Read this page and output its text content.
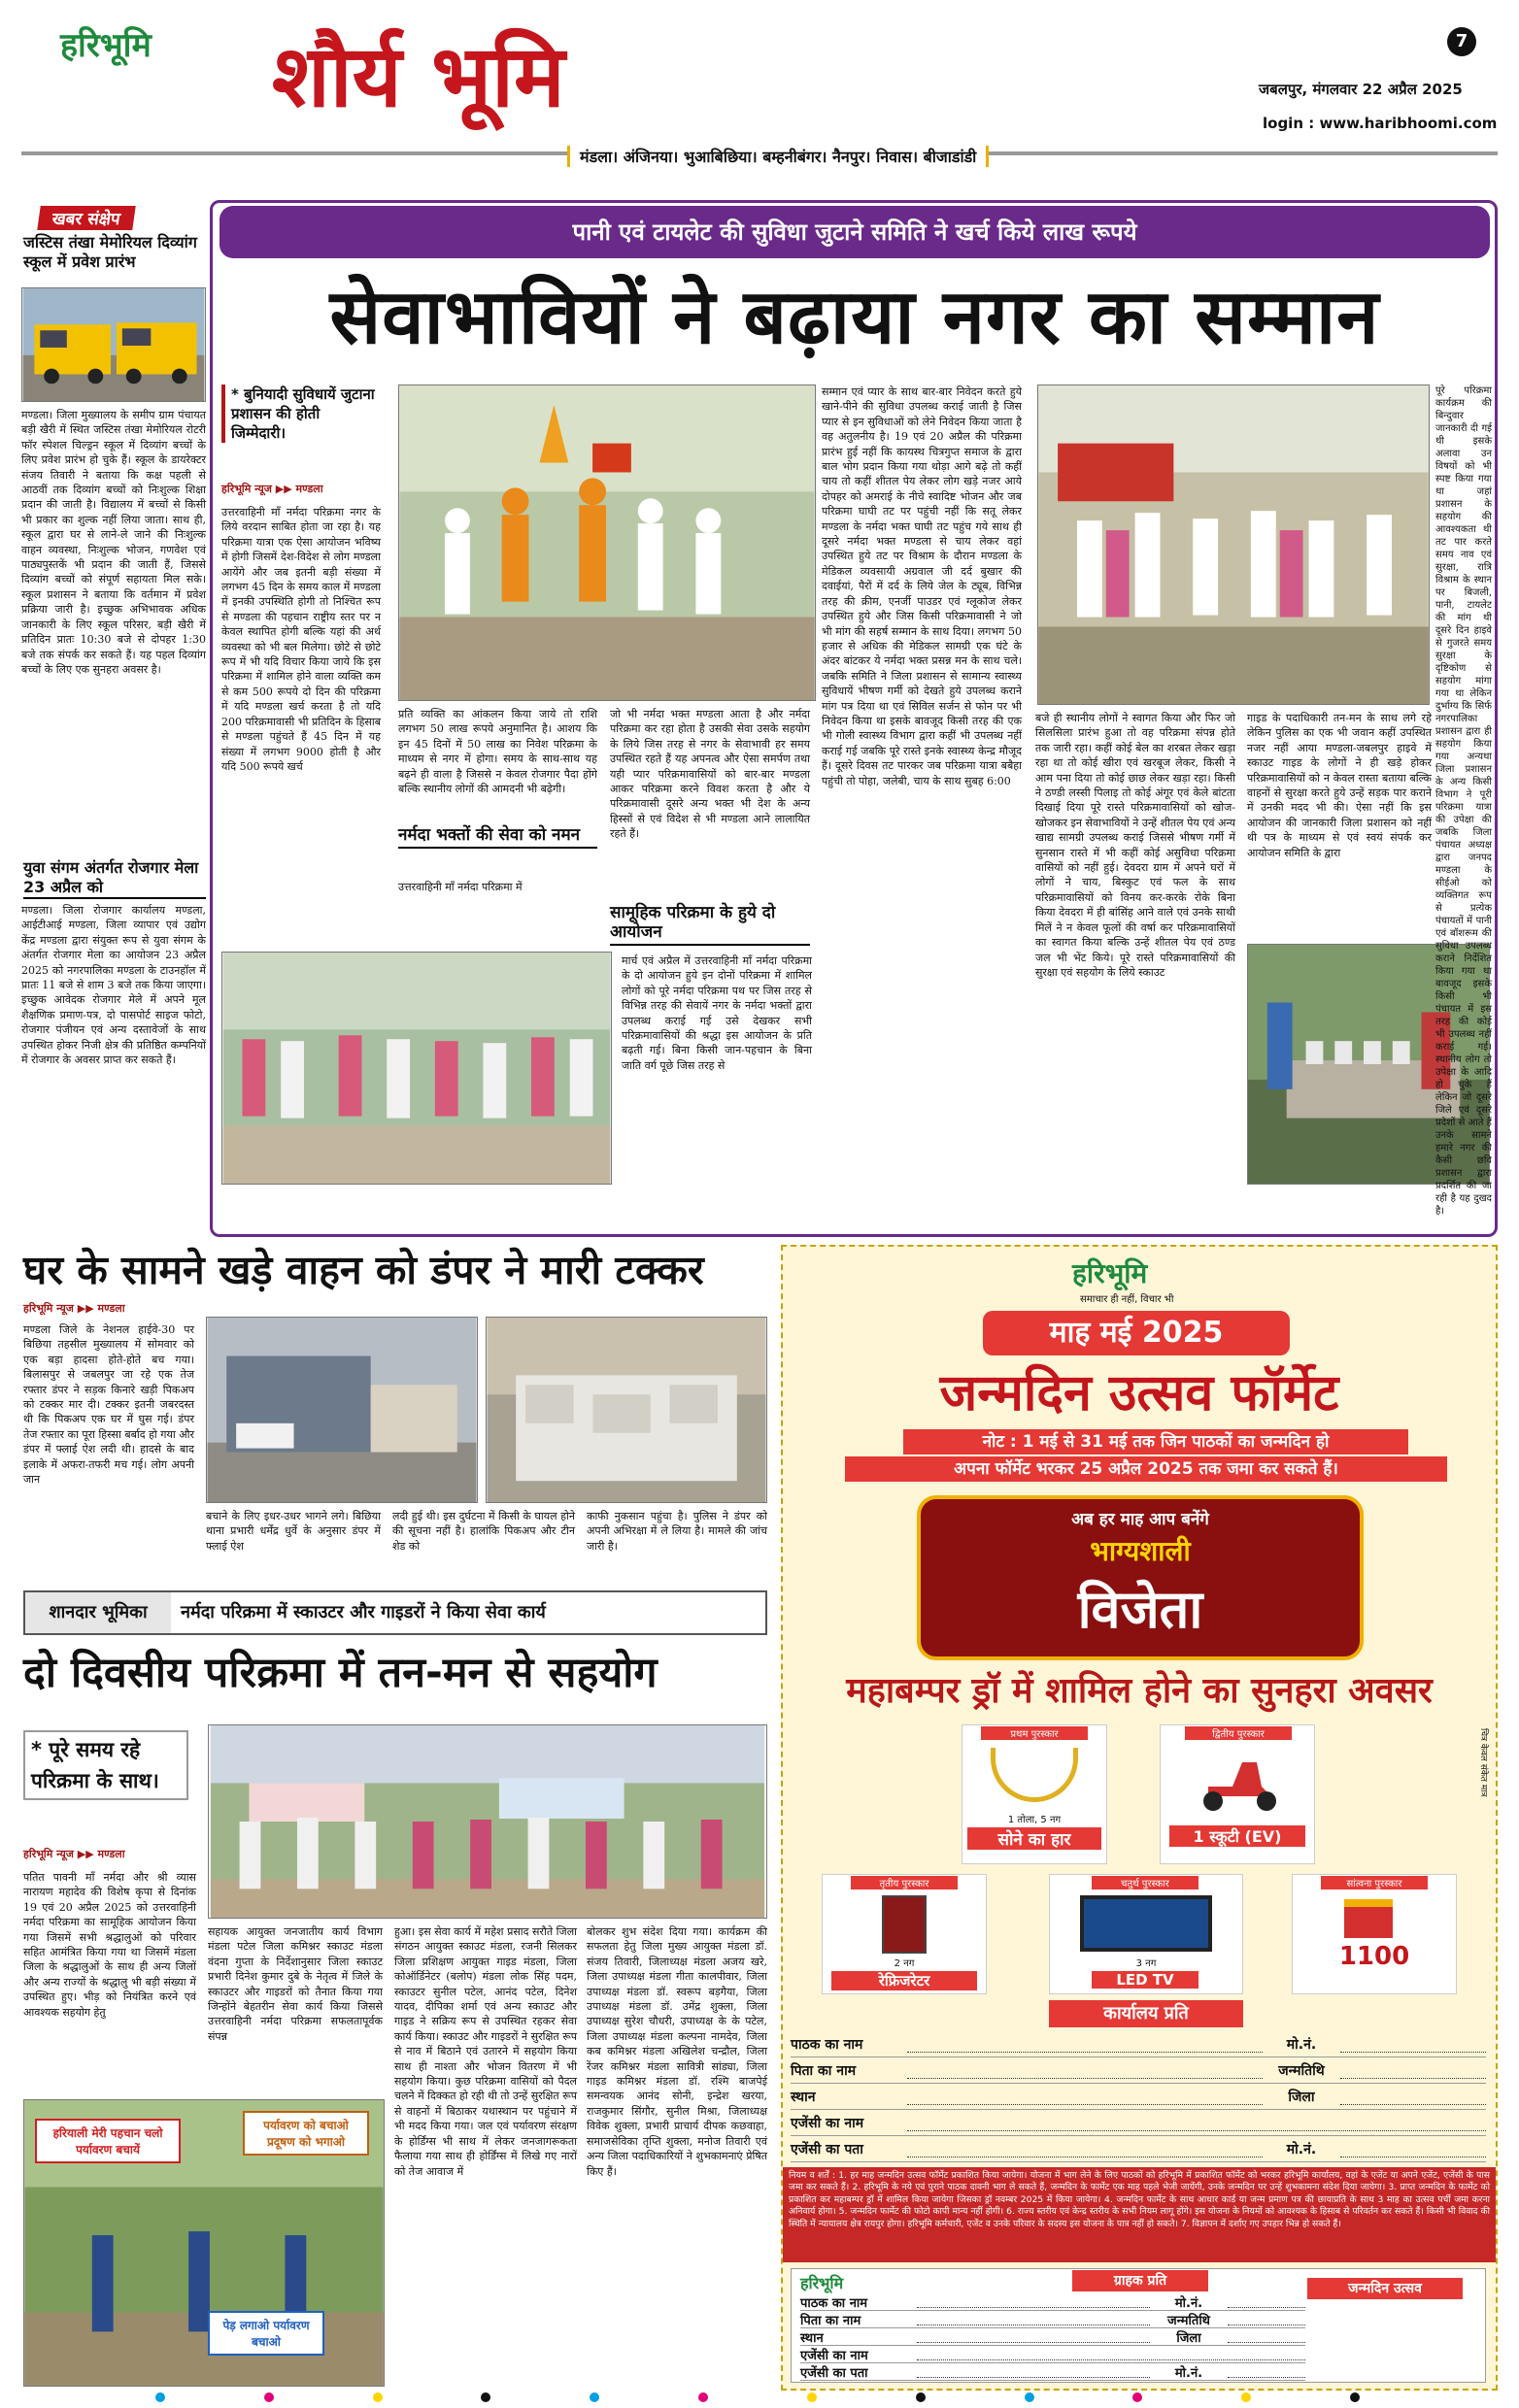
हरिभूमि शौर्य भूमि	7
जबलपुर, मंगलवार 22 अप्रैल 2025
login : www.haribhoomi.com
मंडला। अंजिनया। भुआबिछिया। बम्हनीबंगर। नैनपुर। निवास। बीजाडांडी
खबर संक्षेप
जस्टिस तंखा मेमोरियल दिव्यांग स्कूल में प्रवेश प्रारंभ
मण्डला। जिला मुख्यालय के समीप ग्राम पंचायत बड़ी खैरी में स्थित जस्टिस तंखा मेमोरियल रोटरी फॉर स्पेशल चिल्ड्रन स्कूल में दिव्यांग बच्चों के लिए प्रवेश प्रारंभ हो चुके हैं। स्कूल के डायरेक्टर संजय तिवारी ने बताया कि कक्ष पहली से आठवीं तक दिव्यांग बच्चों को निःशुल्क शिक्षा प्रदान की जाती है। विद्यालय में बच्चों से किसी भी प्रकार का शुल्क नहीं लिया जाता। साथ ही, स्कूल द्वारा घर से लाने-ले जाने की निःशुल्क वाहन व्यवस्था, निःशुल्क भोजन, गणवेश एवं पाठ्यपुस्तकें भी प्रदान की जाती हैं, जिससे दिव्यांग बच्चों को संपूर्ण सहायता मिल सके। स्कूल प्रशासन ने बताया कि वर्तमान में प्रवेश प्रक्रिया जारी है। इच्छुक अभिभावक अधिक जानकारी के लिए स्कूल परिसर, बड़ी खैरी में प्रतिदिन प्रातः 10:30 बजे से दोपहर 1:30 बजे तक संपर्क कर सकते हैं। यह पहल दिव्यांग बच्चों के लिए एक सुनहरा अवसर है।
युवा संगम अंतर्गत रोजगार मेला 23 अप्रैल को
मण्डला। जिला रोजगार कार्यालय मण्डला, आईटीआई मण्डला, जिला व्यापार एवं उद्योग केंद्र मण्डला द्वारा संयुक्त रूप से युवा संगम के अंतर्गत रोजगार मेला का आयोजन 23 अप्रैल 2025 को नगरपालिका मण्डला के टाउनहॉल में प्रातः 11 बजे से शाम 3 बजे तक किया जाएगा। इच्छुक आवेदक रोजगार मेले में अपने मूल शैक्षणिक प्रमाण-पत्र, दो पासपोर्ट साइज फोटो, रोजगार पंजीयन एवं अन्य दस्तावेजों के साथ उपस्थित होकर निजी क्षेत्र की प्रतिष्ठित कम्पनियों में रोजगार के अवसर प्राप्त कर सकते हैं।
पानी एवं टायलेट की सुविधा जुटाने समिति ने खर्च किये लाख रूपये
सेवाभावियों ने बढ़ाया नगर का सम्मान
* बुनियादी सुविधायें जुटाना प्रशासन की होती जिम्मेदारी।
हरिभूमि न्यूज ▶▶ मण्डला
उत्तरवाहिनी माँ नर्मदा परिक्रमा नगर के लिये वरदान साबित होता जा रहा है। यह परिक्रमा यात्रा एक ऐसा आयोजन भविष्य में होगी जिसमें देश-विदेश से लोग मण्डला आयेंगे और जब इतनी बड़ी संख्या में लगभग 45 दिन के समय काल में मण्डला में इनकी उपस्थिति होगी तो निश्चित रूप से मण्डला की पहचान राष्ट्रीय स्तर पर न केवल स्थापित होगी बल्कि यहां की अर्थ व्यवस्था को भी बल मिलेगा। छोटे से छोटे रूप में भी यदि विचार किया जाये कि इस परिक्रमा में शामिल होने वाला व्यक्ति कम से कम 500 रूपये दो दिन की परिक्रमा में यदि मण्डला खर्च करता है तो यदि 200 परिक्रमावासी भी प्रतिदिन के हिसाब से मण्डला पहुंचते हैं 45 दिन में यह संख्या में लगभग 9000 होती है और यदि 500 रूपये खर्च
प्रति व्यक्ति का आंकलन किया जाये तो राशि लगभग 50 लाख रूपये अनुमानित है। आशय कि इन 45 दिनों में 50 लाख का निवेश परिक्रमा के माध्यम से नगर में होगा। समय के साथ-साथ यह बढ़ने ही वाला है जिससे न केवल रोजगार पैदा होंगे बल्कि स्थानीय लोगों की आमदनी भी बढ़ेगी।
नर्मदा भक्तों की सेवा को नमन
उत्तरवाहिनी माँ नर्मदा परिक्रमा में
जो भी नर्मदा भक्त मण्डला आता है और नर्मदा परिक्रमा कर रहा होता है उसकी सेवा उसके सहयोग के लिये जिस तरह से नगर के सेवाभावी हर समय उपस्थित रहते हैं यह अपनत्व और ऐसा समर्पण तथा यही प्यार परिक्रमावासियों को बार-बार मण्डला आकर परिक्रमा करने विवश करता है और ये परिक्रमावासी दूसरे अन्य भक्त भी देश के अन्य हिस्सों से एवं विदेश से भी मण्डला आने लालायित रहते हैं।
सामूहिक परिक्रमा के हुये दो आयोजन
मार्च एवं अप्रैल में उत्तरवाहिनी माँ नर्मदा परिक्रमा के दो आयोजन हुये इन दोनों परिक्रमा में शामिल लोगों को पूरे नर्मदा परिक्रमा पथ पर जिस तरह से विभिन्न तरह की सेवायें नगर के नर्मदा भक्तों द्वारा उपलब्ध कराई गई उसे देखकर सभी परिक्रमावासियों की श्रद्धा इस आयोजन के प्रति बढ़ती गई। बिना किसी जान-पहचान के बिना जाति वर्ग पूछे जिस तरह से
सम्मान एवं प्यार के साथ बार-बार निवेदन करते हुये खाने-पीने की सुविधा उपलब्ध कराई जाती है जिस प्यार से इन सुविधाओं को लेने निवेदन किया जाता है वह अतुलनीय है। 19 एवं 20 अप्रैल की परिक्रमा प्रारंभ हुई नहीं कि कायस्थ चित्रगुप्त समाज के द्वारा बाल भोग प्रदान किया गया थोड़ा आगे बढ़े तो कहीं चाय तो कहीं शीतल पेय लेकर लोग खड़े नजर आये दोपहर को अमराई के नीचे स्वादिष्ट भोजन और जब परिक्रमा घाघी तट पर पहुंची नहीं कि सतू लेकर मण्डला के नर्मदा भक्त घाघी तट पहुंच गये साथ ही दूसरे नर्मदा भक्त मण्डला से चाय लेकर वहां उपस्थित हुये तट पर विश्राम के दौरान मण्डला के मेडिकल व्यवसायी अग्रवाल जी दर्द बुखार की दवाईयां, पैरों में दर्द के लिये जेल के ट्यूब, विभिन्न तरह की क्रीम, एनर्जी पाउडर एवं ग्लूकोज लेकर उपस्थित हुये और जिस किसी परिक्रमावासी ने जो भी मांग की सहर्ष सम्मान के साथ दिया। लगभग 50 हजार से अधिक की मेडिकल सामग्री एक घंटे के अंदर बांटकर ये नर्मदा भक्त प्रसन्न मन के साथ चले। जबकि समिति ने जिला प्रशासन से सामान्य स्वास्थ्य सुविधायें भीषण गर्मी को देखते हुये उपलब्ध कराने मांग पत्र दिया था एवं सिविल सर्जन से फोन पर भी निवेदन किया था इसके बावजूद किसी तरह की एक भी गोली स्वास्थ्य विभाग द्वारा कहीं भी उपलब्ध नहीं कराई गई जबकि पूरे रास्ते इनके स्वास्थ्य केन्द्र मौजूद हैं। दूसरे दिवस तट पारकर जब परिक्रमा यात्रा बबैहा पहुंची तो पोहा, जलेबी, चाय के साथ सुबह 6:00
बजे ही स्थानीय लोगों ने स्वागत किया और फिर जो सिलसिला प्रारंभ हुआ तो वह परिक्रमा संपन्न होते तक जारी रहा। कहीं कोई बेल का शरबत लेकर खड़ा रहा था तो कोई खीरा एवं खरबूज लेकर, किसी ने आम पना दिया तो कोई छाछ लेकर खड़ा रहा। किसी ने ठण्डी लस्सी पिलाइ तो कोई अंगूर एवं केले बांटता दिखाई दिया पूरे रास्ते परिक्रमावासियों को खोज-खोजकर इन सेवाभावियों ने उन्हें शीतल पेय एवं अन्य खाद्य सामग्री उपलब्ध कराई जिससे भीषण गर्मी में सुनसान रास्ते में भी कहीं कोई असुविधा परिक्रमा वासियों को नहीं हुई। देवदरा ग्राम में अपने घरों में लोगों ने चाय, बिस्कुट एवं फल के साथ परिक्रमावासियों को विनय कर-करके रोके बिना किया देवदरा में ही बांसिंह आने वाले एवं उनके साथी मिलें ने न केवल फूलों की वर्षा कर परिक्रमावासियों का स्वागत किया बल्कि उन्हें शीतल पेय एवं ठण्ड जल भी भेंट किये। पूरे रास्ते परिक्रमावासियों की सुरक्षा एवं सहयोग के लिये स्काउट
गाइड के पदाधिकारी तन-मन के साथ लगे रहे लेकिन पुलिस का एक भी जवान कहीं उपस्थित नजर नहीं आया मण्डला-जबलपुर हाइवे में स्काउट गाइड के लोगों ने ही खड़े होकर परिक्रमावासियों को न केवल रास्ता बताया बल्कि वाहनों से सुरक्षा करते हुये उन्हें सड़क पार कराने में उनकी मदद भी की। ऐसा नहीं कि इस आयोजन की जानकारी जिला प्रशासन को नहीं थी पत्र के माध्यम से एवं स्वयं संपर्क कर आयोजन समिति के द्वारा
घर के सामने खड़े वाहन को डंपर ने मारी टक्कर
हरिभूमि न्यूज ▶▶ मण्डला
मण्डला जिले के नेशनल हाईवे-30 पर बिछिया तहसील मुख्यालय में सोमवार को एक बड़ा हादसा होते-होते बच गया। बिलासपुर से जबलपुर जा रहे एक तेज रफ्तार डंपर ने सड़क किनारे खड़ी पिकअप को टक्कर मार दी। टक्कर इतनी जबरदस्त थी कि पिकअप एक घर में घुस गई। डंपर तेज रफ्तार का पूरा हिस्सा बर्बाद हो गया और डंपर में फ्लाई ऐश लदी थी। हादसे के बाद इलाके में अफरा-तफरी मच गई। लोग अपनी जान
बचाने के लिए इधर-उधर भागने लगे। बिछिया थाना प्रभारी धर्मेंद्र धुर्वे के अनुसार डंपर में फ्लाई ऐश
लदी हुई थी। इस दुर्घटना में किसी के घायल होने की सूचना नहीं है। हालांकि पिकअप और टीन शेड को
काफी नुकसान पहुंचा है। पुलिस ने डंपर को अपनी अभिरक्षा में ले लिया है। मामले की जांच जारी है।
शानदार भूमिका	नर्मदा परिक्रमा में स्काउटर और गाइडरों ने किया सेवा कार्य
दो दिवसीय परिक्रमा में तन-मन से सहयोग
* पूरे समय रहे परिक्रमा के साथ।
हरिभूमि न्यूज ▶▶ मण्डला
पतित पावनी माँ नर्मदा और श्री व्यास नारायण महादेव की विशेष कृपा से दिनांक 19 एवं 20 अप्रैल 2025 को उत्तरवाहिनी नर्मदा परिक्रमा का सामूहिक आयोजन किया गया जिसमें सभी श्रद्धालुओं को परिवार सहित आमंत्रित किया गया था जिसमें मंडला जिला के श्रद्धालुओं के साथ ही अन्य जिलों और अन्य राज्यों के श्रद्धालु भी बड़ी संख्या में उपस्थित हुए। भीड़ को नियंत्रित करने एवं आवश्यक सहयोग हेतु
सहायक आयुक्त जनजातीय कार्य विभाग मंडला पटेल जिला कमिश्नर स्काउट मंडला वंदना गुप्ता के निर्देशानुसार जिला स्काउट प्रभारी दिनेश कुमार दुबे के नेतृत्व में जिले के स्काउटर और गाइडरों को तैनात किया गया जिन्होंने बेहतरीन सेवा कार्य किया जिससे उत्तरवाहिनी नर्मदा परिक्रमा सफलतापूर्वक संपन्न
हुआ। इस सेवा कार्य में महेश प्रसाद सरौते जिला संगठन आयुक्त स्काउट मंडला, रजनी सिलकर जिला प्रशिक्षण आयुक्त गाइड मंडला, जिला कोऑर्डिनेटर (बलोप) मंडला लोक सिंह पदम, स्काउटर सुनील पटेल, आनंद पटेल, दिनेश यादव, दीपिका शर्मा एवं अन्य स्काउट और गाइड ने सक्रिय रूप से उपस्थित रहकर सेवा कार्य किया। स्काउट और गाइडरों ने सुरक्षित रूप से नाव में बिठाने एवं उतारने में सहयोग किया साथ ही नाश्ता और भोजन वितरण में भी सहयोग किया। कुछ परिक्रमा वासियों को पैदल चलने में दिक्कत हो रही थी तो उन्हें सुरक्षित रूप से वाहनों में बिठाकर यथास्थान पर पहुंचाने में भी मदद किया गया। जल एवं पर्यावरण संरक्षण के होर्डिंग्स भी साथ में लेकर जनजागरूकता फैलाया गया साथ ही होर्डिंग्स में लिखे गए नारों को तेज आवाज में
बोलकर शुभ संदेश दिया गया। कार्यक्रम की सफलता हेतु जिला मुख्य आयुक्त मंडला डॉ. संजय तिवारी, जिलाध्यक्ष मंडला अजय खरे, जिला उपाध्यक्ष मंडला गीता कालपीवार, जिला उपाध्यक्ष मंडला डॉ. स्वरूप बड़गैया, जिला उपाध्यक्ष मंडला डॉ. उमेंद्र शुक्ला, जिला उपाध्यक्ष सुरेश चौधरी, उपाध्यक्ष के के पटेल, जिला उपाध्यक्ष मंडला कल्पना नामदेव, जिला कब कमिश्नर मंडला अखिलेश चन्द्रौल, जिला रेंजर कमिश्नर मंडला सावित्री सांड्या, जिला गाइड कमिश्नर मंडला डॉ. रश्मि बाजपेई समन्वयक आनंद सोनी, इन्द्रेश खरया, राजकुमार सिंगौर, सुनील मिश्रा, जिलाध्यक्ष विवेक शुक्ला, प्रभारी प्राचार्य दीपक कछवाहा, समाजसेविका तृप्ति शुक्ला, मनोज तिवारी एवं अन्य जिला पदाधिकारियों ने शुभकामनाएं प्रेषित किए हैं।
हरियाली मेरी पहचान चलो पर्यावरण बचायें
पर्यावरण को बचाओ प्रदूषण को भगाओ
पेड़ लगाओ पर्यावरण बचाओ
हरिभूमि
समाचार ही नहीं, विचार भी
माह मई 2025
जन्मदिन उत्सव फॉर्मेट
नोट : 1 मई से 31 मई तक जिन पाठकों का जन्मदिन हो
अपना फॉर्मेट भरकर 25 अप्रैल 2025 तक जमा कर सकते हैं।
अब हर माह आप बनेंगे
भाग्यशाली
विजेता
महाबम्पर ड्रॉ में शामिल होने का सुनहरा अवसर
प्रथम पुरस्कार
1 तोला, 5 नग
सोने का हार
द्वितीय पुरस्कार
1 स्कूटी (EV)
तृतीय पुरस्कार
2 नग
रेफ्रिजरेटर
चतुर्थ पुरस्कार
3 नग
LED TV
सांत्वना पुरस्कार
1100
चित्र केवल संकेत मात्र
कार्यालय प्रति
पाठक का नाम	मो.नं.
पिता का नाम	जन्मतिथि
स्थान	जिला
एजेंसी का नाम
एजेंसी का पता	मो.नं.
नियम व शर्तें : 1. हर माह जन्मदिन उत्सव फॉर्मेट प्रकाशित किया जायेगा। योजना में भाग लेने के लिए पाठकों को हरिभूमि में प्रकाशित फॉर्मेट को भरकर हरिभूमि कार्यालय, वहां के एजेंट या अपने एजेंट, एजेंसी के पास जमा कर सकते हैं। 2. हरिभूमि के नये एवं पुराने पाठक दावनी भाग ले सकते हैं, जन्मदिन के फार्मेट एक माह पहले भेजी जायेंगी, उनके जन्मदिन पर उन्हें शुभकामना संदेश दिया जायेगा। 3. प्राप्त जन्मदिन के फार्मेट को प्रकाशित कर महाबम्पर ड्रॉ में शामिल किया जायेगा जिसका ड्रॉ नवम्बर 2025 में किया जायेगा। 4. जन्मदिन फार्मेट के साथ आधार कार्ड या जन्म प्रमाण पत्र की छायाप्रति के साथ 3 माह का उत्सव पर्ची जमा करना अनिवार्य होगा। 5. जन्मदिन फार्मेट की फोटो कापी मान्य नहीं होगी। 6. राज्य स्तरीय एवं केन्द्र स्तरीय के सभी नियम लागू होंगे। इस योजना के नियमों को आवश्यक के हिसाब से परिवर्तन कर सकते हैं। किसी भी विवाद की स्थिति में न्यायालय क्षेत्र रायपुर होगा। हरिभूमि कर्मचारी, एजेंट व उनके परिवार के सदस्य इस योजना के पात्र नहीं हो सकते। 7. विज्ञापन में दर्शाए गए उपहार भिन्न हो सकते हैं।
हरिभूमि	ग्राहक प्रति	जन्मदिन उत्सव
पाठक का नाम	मो.नं.
पिता का नाम	जन्मतिथि
स्थान	जिला
एजेंसी का नाम
एजेंसी का पता	मो.नं.
पूरे परिक्रमा कार्यक्रम की बिन्दुवार जानकारी दी गई थी इसके अलावा उन विषयों को भी स्पष्ट किया गया था जहां प्रशासन के सहयोग की आवश्यकता थी तट पार करते समय नाव एवं सुरक्षा, रात्रि विश्राम के स्थान पर बिजली, पानी, टायलेट की मांग थी दूसरे दिन हाइवे से गुजरते समय सुरक्षा के दृष्टिकोण से सहयोग मांगा गया था लेकिन दुर्भाग्य कि सिर्फ नगरपालिका प्रशासन द्वारा ही सहयोग किया गया अन्यथा जिला प्रशासन के अन्य किसी विभाग ने पूरी परिक्रमा यात्रा की उपेक्षा की जबकि जिला पंचायत अध्यक्ष द्वारा जनपद मण्डला के सीईओ को व्यक्तिगत रूप से प्रत्येक पंचायतों में पानी एवं बॉशरूम की सुविधा उपलब्ध कराने निर्देशित किया गया था बावजूद इसके किसी भी पंचायत में इस तरह की कोई भी उपलब्ध नहीं कराई गई। स्थानीय लोग तो उपेक्षा के आदि हो चुके हैं लेकिन जो दूसरे जिले एवं दूसरे प्रदेशों से आते हैं उनके सामने हमारे नगर की कैसी छवि प्रशासन द्वारा प्रदर्शित की जा रही है यह दुखद है।
